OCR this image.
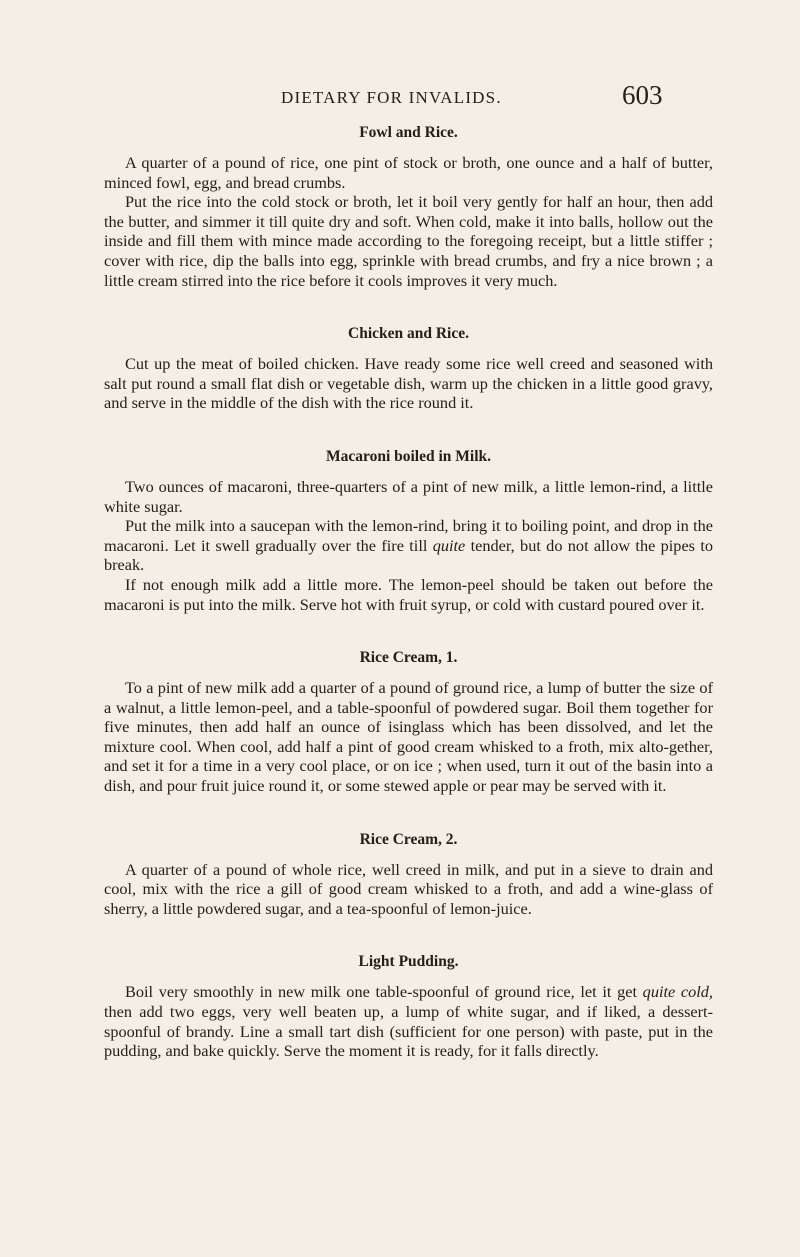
DIETARY FOR INVALIDS.	603
Fowl and Rice.

A quarter of a pound of rice, one pint of stock or broth, one ounce and a half of butter, minced fowl, egg, and bread crumbs.

Put the rice into the cold stock or broth, let it boil very gently for half an hour, then add the butter, and simmer it till quite dry and soft. When cold, make it into balls, hollow out the inside and fill them with mince made according to the foregoing receipt, but a little stiffer ; cover with rice, dip the balls into egg, sprinkle with bread crumbs, and fry a nice brown ; a little cream stirred into the rice before it cools improves it very much.

Chicken and Rice.

Cut up the meat of boiled chicken. Have ready some rice well creed and seasoned with salt put round a small flat dish or vegetable dish, warm up the chicken in a little good gravy, and serve in the middle of the dish with the rice round it.

Macaroni boiled in Milk.

Two ounces of macaroni, three-quarters of a pint of new milk, a little lemon-rind, a little white sugar.

Put the milk into a saucepan with the lemon-rind, bring it to boiling point, and drop in the macaroni. Let it swell gradually over the fire till quite tender, but do not allow the pipes to break.

If not enough milk add a little more. The lemon-peel should be taken out before the macaroni is put into the milk. Serve hot with fruit syrup, or cold with custard poured over it.

Rice Cream, 1.

To a pint of new milk add a quarter of a pound of ground rice, a lump of butter the size of a walnut, a little lemon-peel, and a table-spoonful of powdered sugar. Boil them together for five minutes, then add half an ounce of isinglass which has been dissolved, and let the mixture cool. When cool, add half a pint of good cream whisked to a froth, mix alto-gether, and set it for a time in a very cool place, or on ice ; when used, turn it out of the basin into a dish, and pour fruit juice round it, or some stewed apple or pear may be served with it.

Rice Cream, 2.

A quarter of a pound of whole rice, well creed in milk, and put in a sieve to drain and cool, mix with the rice a gill of good cream whisked to a froth, and add a wine-glass of sherry, a little powdered sugar, and a tea-spoonful of lemon-juice.

Light Pudding.

Boil very smoothly in new milk one table-spoonful of ground rice, let it get quite cold, then add two eggs, very well beaten up, a lump of white sugar, and if liked, a dessert-spoonful of brandy. Line a small tart dish (sufficient for one person) with paste, put in the pudding, and bake quickly. Serve the moment it is ready, for it falls directly.
